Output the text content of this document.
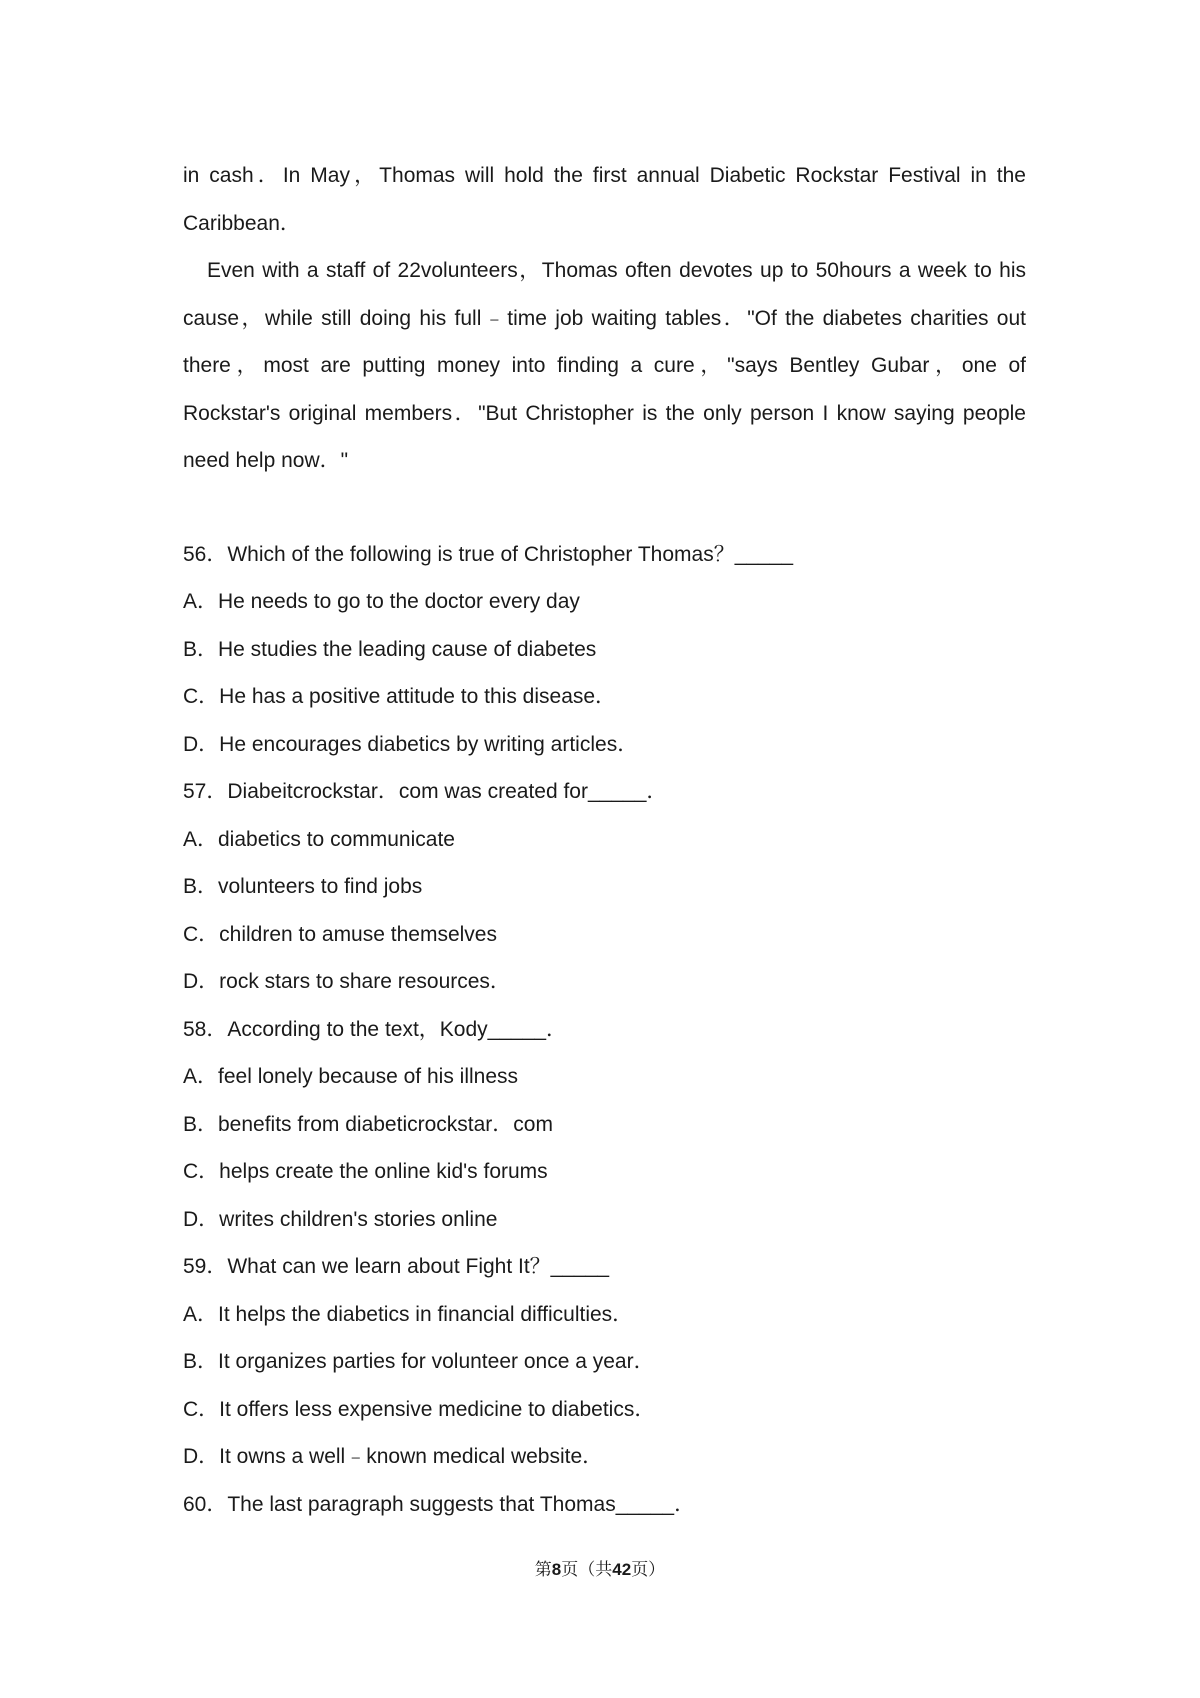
in cash．In May，Thomas will hold the first annual Diabetic Rockstar Festival in the Caribbean．

Even with a staff of 22volunteers，Thomas often devotes up to 50hours a week to his cause，while still doing his full﹣time job waiting tables．"Of the diabetes charities out there，most are putting money into finding a cure，"says Bentley Gubar，one of Rockstar's original members．"But Christopher is the only person I know saying people need help now．"

56．Which of the following is true of Christopher Thomas？_____
A．He needs to go to the doctor every day
B．He studies the leading cause of diabetes
C．He has a positive attitude to this disease．
D．He encourages diabetics by writing articles．
57．Diabeitcrockstar．com was created for_____．
A．diabetics to communicate
B．volunteers to find jobs
C．children to amuse themselves
D．rock stars to share resources．
58．According to the text，Kody_____．
A．feel lonely because of his illness
B．benefits from diabeticrockstar．com
C．helps create the online kid's forums
D．writes children's stories online
59．What can we learn about Fight It？_____
A．It helps the diabetics in financial difficulties．
B．It organizes parties for volunteer once a year．
C．It offers less expensive medicine to diabetics．
D．It owns a well﹣known medical website．
60．The last paragraph suggests that Thomas_____．
第8页（共42页）
